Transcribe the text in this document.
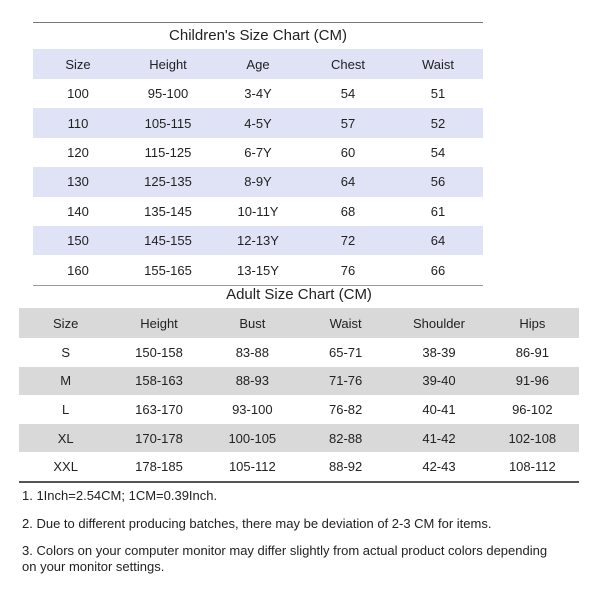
Children's Size Chart (CM)
Size	Height	Age	Chest	Waist
100	95-100	3-4Y	54	51
110	105-115	4-5Y	57	52
120	115-125	6-7Y	60	54
130	125-135	8-9Y	64	56
140	135-145	10-11Y	68	61
150	145-155	12-13Y	72	64
160	155-165	13-15Y	76	66
Adult Size Chart (CM)
Size	Height	Bust	Waist	Shoulder	Hips
S	150-158	83-88	65-71	38-39	86-91
M	158-163	88-93	71-76	39-40	91-96
L	163-170	93-100	76-82	40-41	96-102
XL	170-178	100-105	82-88	41-42	102-108
XXL	178-185	105-112	88-92	42-43	108-112

1. 1Inch=2.54CM; 1CM=0.39Inch.

2. Due to different producing batches, there may be deviation of 2-3 CM for items.

3. Colors on your computer monitor may differ slightly from actual product colors depending on your monitor settings.
